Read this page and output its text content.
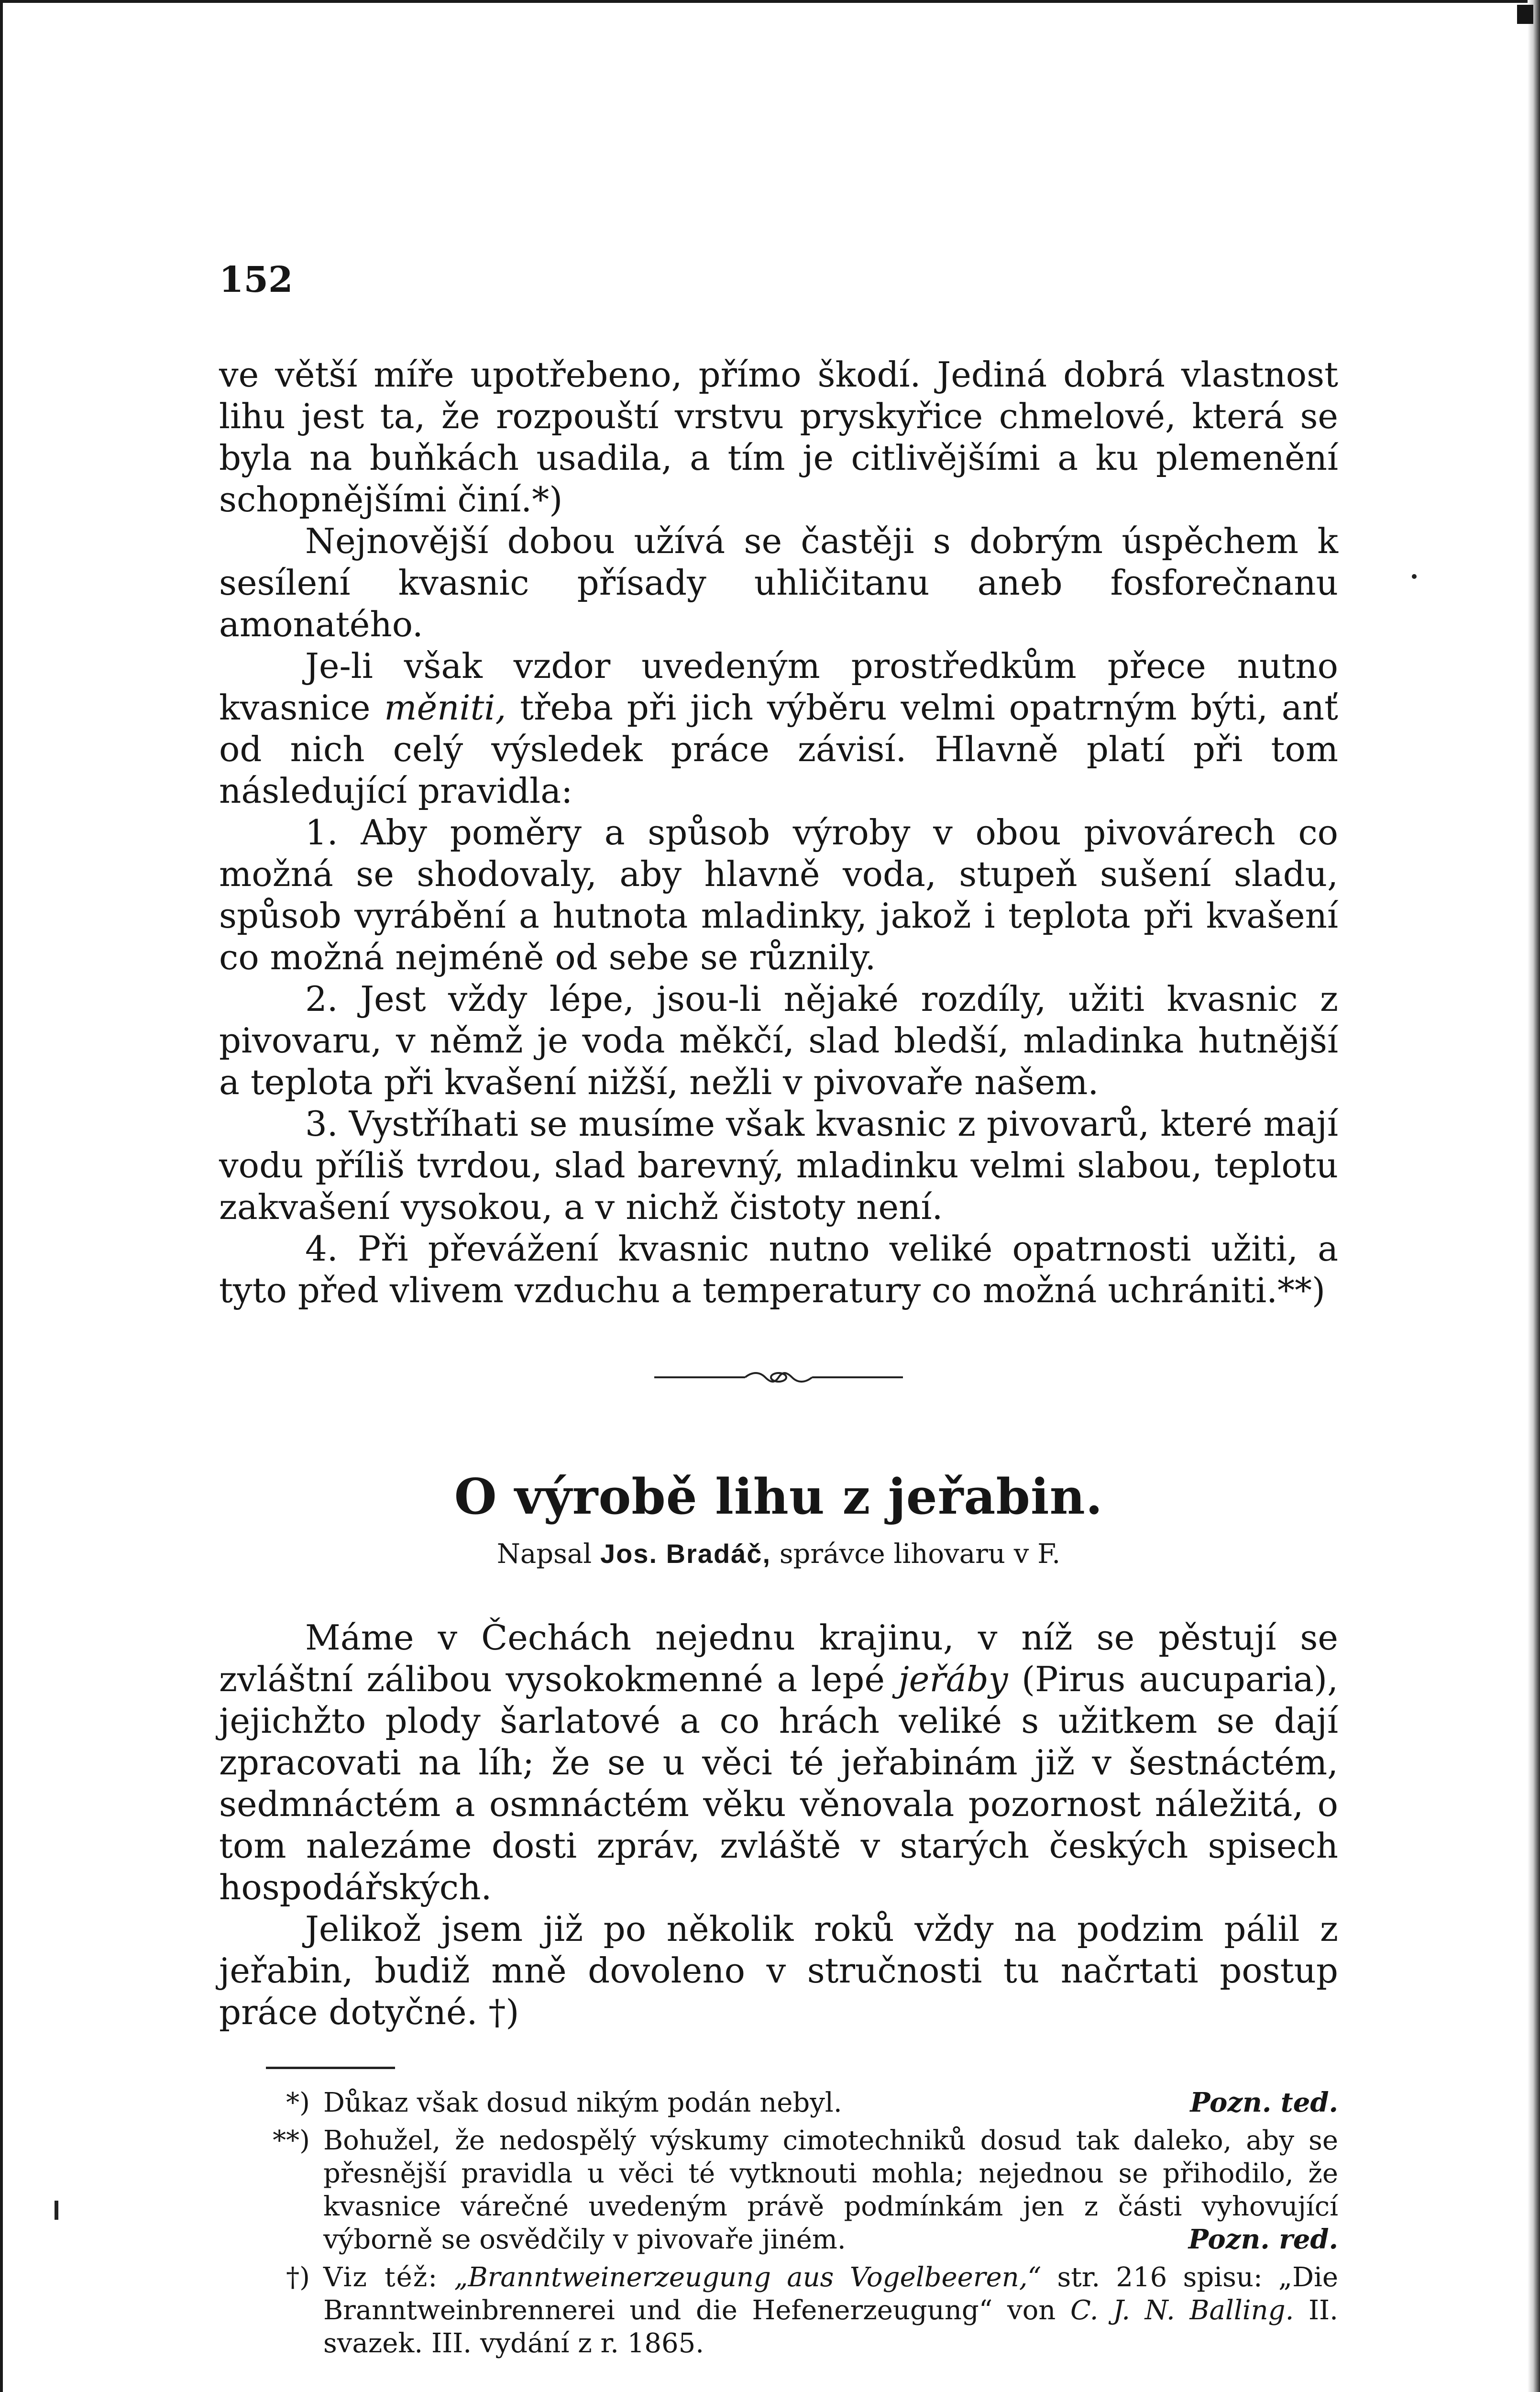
152

ve větší míře upotřebeno, přímo škodí. Jediná dobrá vlastnost lihu jest ta, že rozpouští vrstvu pryskyřice chmelové, která se byla na buňkách usadila, a tím je citlivějšími a ku plemenění schopnějšími činí.*)

Nejnovější dobou užívá se častěji s dobrým úspěchem k sesílení kvasnic přísady uhličitanu aneb fosforečnanu amonatého.

Je-li však vzdor uvedeným prostředkům přece nutno kvasnice měniti, třeba při jich výběru velmi opatrným býti, anť od nich celý výsledek práce závisí. Hlavně platí při tom následující pravidla:

1. Aby poměry a spůsob výroby v obou pivovárech co možná se shodovaly, aby hlavně voda, stupeň sušení sladu, spůsob vyrábění a hutnota mladinky, jakož i teplota při kvašení co možná nejméně od sebe se různily.

2. Jest vždy lépe, jsou-li nějaké rozdíly, užiti kvasnic z pivovaru, v němž je voda měkčí, slad bledší, mladinka hutnější a teplota při kvašení nižší, nežli v pivovaře našem.

3. Vystříhati se musíme však kvasnic z pivovarů, které mají vodu příliš tvrdou, slad barevný, mladinku velmi slabou, teplotu zakvašení vysokou, a v nichž čistoty není.

4. Při převážení kvasnic nutno veliké opatrnosti užiti, a tyto před vlivem vzduchu a temperatury co možná uchrániti.**)

O výrobě lihu z jeřabin.
Napsal Jos. Bradáč, správce lihovaru v F.

Máme v Čechách nejednu krajinu, v níž se pěstují se zvláštní zálibou vysokokmenné a lepé jeřáby (Pirus aucuparia), jejichžto plody šarlatové a co hrách veliké s užitkem se dají zpracovati na líh; že se u věci té jeřabinám již v šestnáctém, sedmnáctém a osmnáctém věku věnovala pozornost náležitá, o tom nalezáme dosti zpráv, zvláště v starých českých spisech hospodářských.

Jelikož jsem již po několik roků vždy na podzim pálil z jeřabin, budiž mně dovoleno v stručnosti tu načrtati postup práce dotyčné. †)

*)	Pozn. ted.
Důkaz však dosud nikým podán nebyl.
**) Bohužel, že nedospělý výskumy cimotechniků dosud tak daleko, aby se přesnější pravidla u věci té vytknouti mohla; nejednou se přihodilo, že kvasnice várečné uvedeným právě podmínkám jen z části vyhovující výborně se osvědčily v pivovaře jiném.	Pozn. red.
†) Viz též: „Branntweinerzeugung aus Vogelbeeren,“ str. 216 spisu: „Die Branntweinbrennerei und die Hefenerzeugung“ von C. J. N. Balling. II. svazek. III. vydání z r. 1865.
